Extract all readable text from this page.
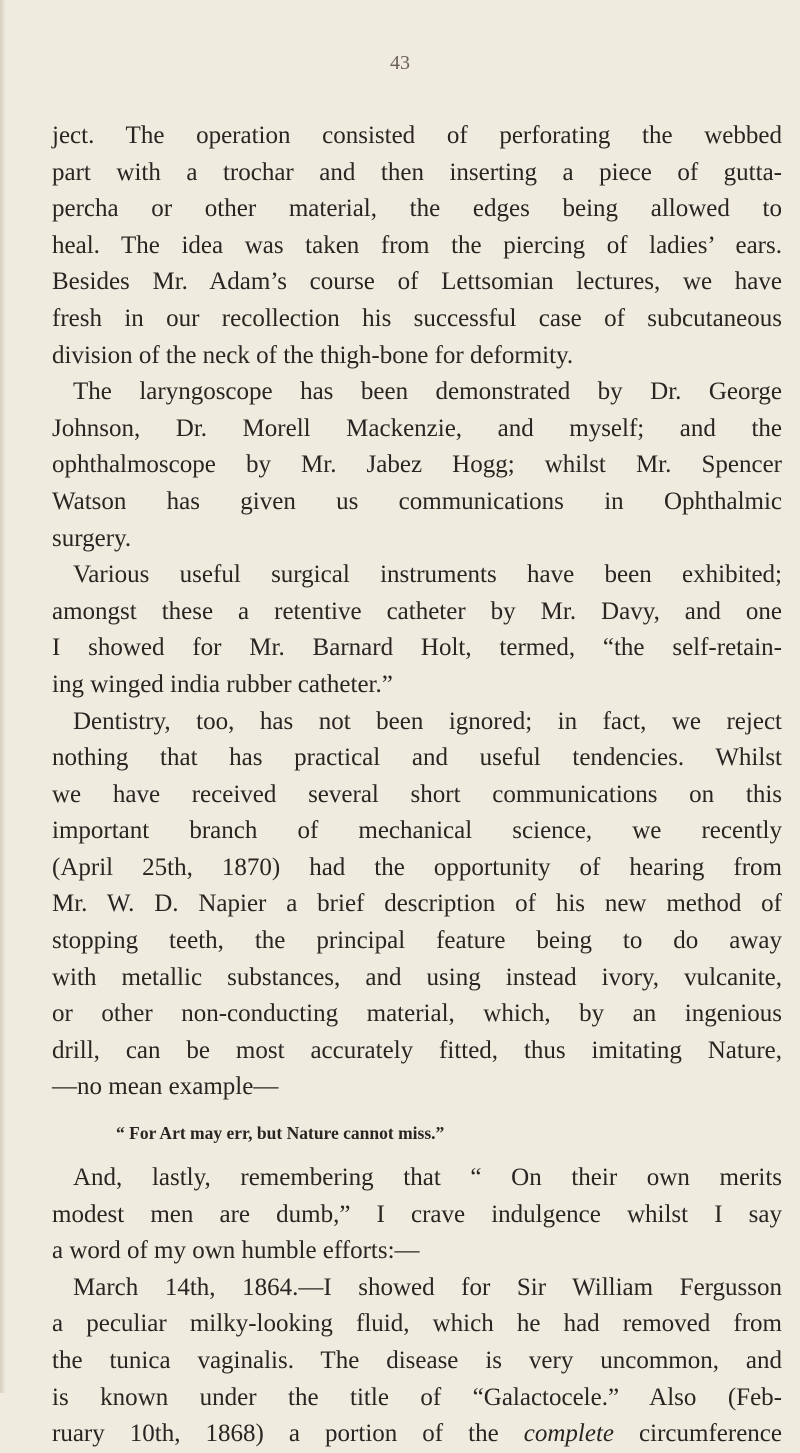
43
ject. The operation consisted of perforating the webbed
part with a trochar and then inserting a piece of gutta-
percha or other material, the edges being allowed to
heal. The idea was taken from the piercing of ladies’ ears.
Besides Mr. Adam’s course of Lettsomian lectures, we have
fresh in our recollection his successful case of subcutaneous
division of the neck of the thigh-bone for deformity.
The laryngoscope has been demonstrated by Dr. George
Johnson, Dr. Morell Mackenzie, and myself; and the
ophthalmoscope by Mr. Jabez Hogg; whilst Mr. Spencer
Watson has given us communications in Ophthalmic
surgery.
Various useful surgical instruments have been exhibited;
amongst these a retentive catheter by Mr. Davy, and one
I showed for Mr. Barnard Holt, termed, “the self-retain-
ing winged india rubber catheter.”
Dentistry, too, has not been ignored; in fact, we reject
nothing that has practical and useful tendencies. Whilst
we have received several short communications on this
important branch of mechanical science, we recently
(April 25th, 1870) had the opportunity of hearing from
Mr. W. D. Napier a brief description of his new method of
stopping teeth, the principal feature being to do away
with metallic substances, and using instead ivory, vulcanite,
or other non-conducting material, which, by an ingenious
drill, can be most accurately fitted, thus imitating Nature,
—no mean example—
“ For Art may err, but Nature cannot miss.”
And, lastly, remembering that “ On their own merits
modest men are dumb,” I crave indulgence whilst I say
a word of my own humble efforts:—
March 14th, 1864.—I showed for Sir William Fergusson
a peculiar milky-looking fluid, which he had removed from
the tunica vaginalis. The disease is very uncommon, and
is known under the title of “Galactocele.” Also (Feb-
ruary 10th, 1868) a portion of the complete circumference
